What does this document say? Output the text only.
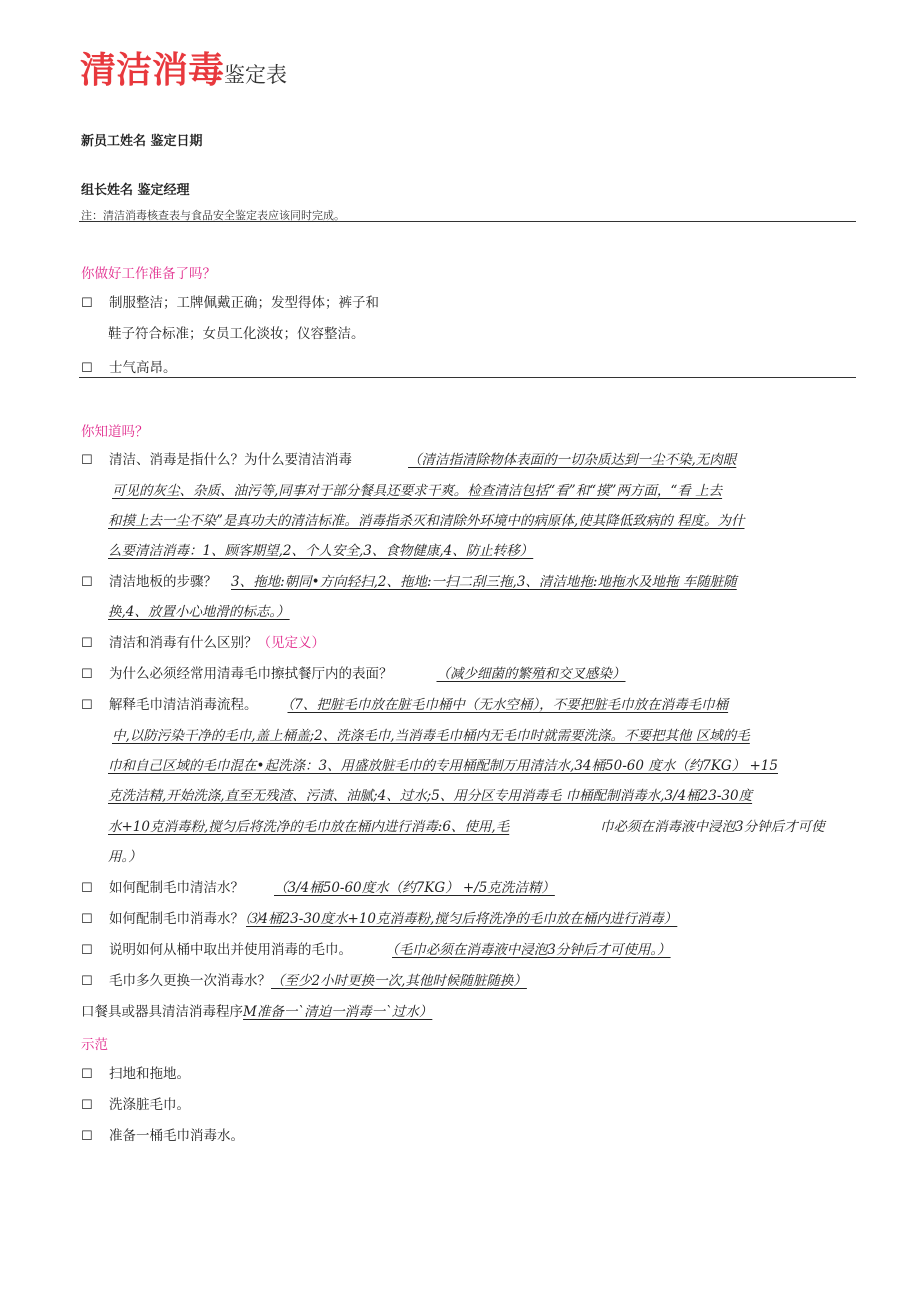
清洁消毒鉴定表
新员工姓名 鉴定日期
组长姓名 鉴定经理
注：清洁消毒核查表与食品安全鉴定表应该同时完成。
你做好工作准备了吗？
☐ 制服整洁；工牌佩戴正确；发型得体；裤子和
鞋子符合标准；女员工化淡妆；仪容整洁。
☐ 士气高昂。
你知道吗？
☐ 清洁、消毒是指什么？为什么要清洁消毒	（清洁指清除物体表面的一切杂质达到一尘不染,无肉眼
可见的灰尘、杂质、油污等,同事对于部分餐具还要求干爽。检查清洁包括“看”和“摸”两方面，“看 上去
和摸上去一尘不染”是真功夫的清洁标准。消毒指杀灭和清除外环境中的病原体,使其降低致病的 程度。为什
么要清洁消毒：1、顾客期望,2、个人安全,3、食物健康,4、防止转移）
☐ 清洁地板的步骤？ 3、拖地:朝同•方向轻扫,2、拖地:一扫二刮三拖,3、清洁地拖:地拖水及地拖 车随脏随
换,4、放置小心地滑的标志。）
☐ 清洁和消毒有什么区别？（见定义）
☐ 为什么必须经常用清毒毛巾擦拭餐厅内的表面？	（减少细菌的繁殖和交叉感染）
☐ 解释毛巾清洁消毒流程。 （7、把脏毛巾放在脏毛巾桶中（无水空桶），不要把脏毛巾放在消毒毛巾桶
中,以防污染干净的毛巾,盖上桶盖;2、洗涤毛巾,当消毒毛巾桶内无毛巾时就需要洗涤。不要把其他 区域的毛
巾和自己区域的毛巾混在•起洗涤：3、用盛放脏毛巾的专用桶配制万用清洁水,34桶50-60 度水（约7KG） +15
克洗洁精,开始洗涤,直至无残渣、污渍、油腻;4、过水;5、用分区专用消毒毛 巾桶配制消毒水,3/4桶23-30度
水+10克消毒粉,搅匀后将洗净的毛巾放在桶内进行消毒:6、使用,毛	巾必须在消毒液中浸泡3分钟后才可使
用。）
☐ 如何配制毛巾清洁水？ （3/4桶50-60度水（约7KG） +/5克洗洁精）
☐ 如何配制毛巾消毒水？ ⑶4桶23-30度水+10克消毒粉,搅匀后将洗净的毛巾放在桶内进行消毒）
☐ 说明如何从桶中取出并使用消毒的毛巾。	（毛巾必须在消毒液中浸泡3分钟后才可使用。）
☐ 毛巾多久更换一次消毒水？（至少2小时更换一次,其他时候随脏随换）
口餐具或器具清洁消毒程序M准备一`清迫一消毒一`过水）
示范
☐ 扫地和拖地。
☐ 洗涤脏毛巾。
☐ 准备一桶毛巾消毒水。
